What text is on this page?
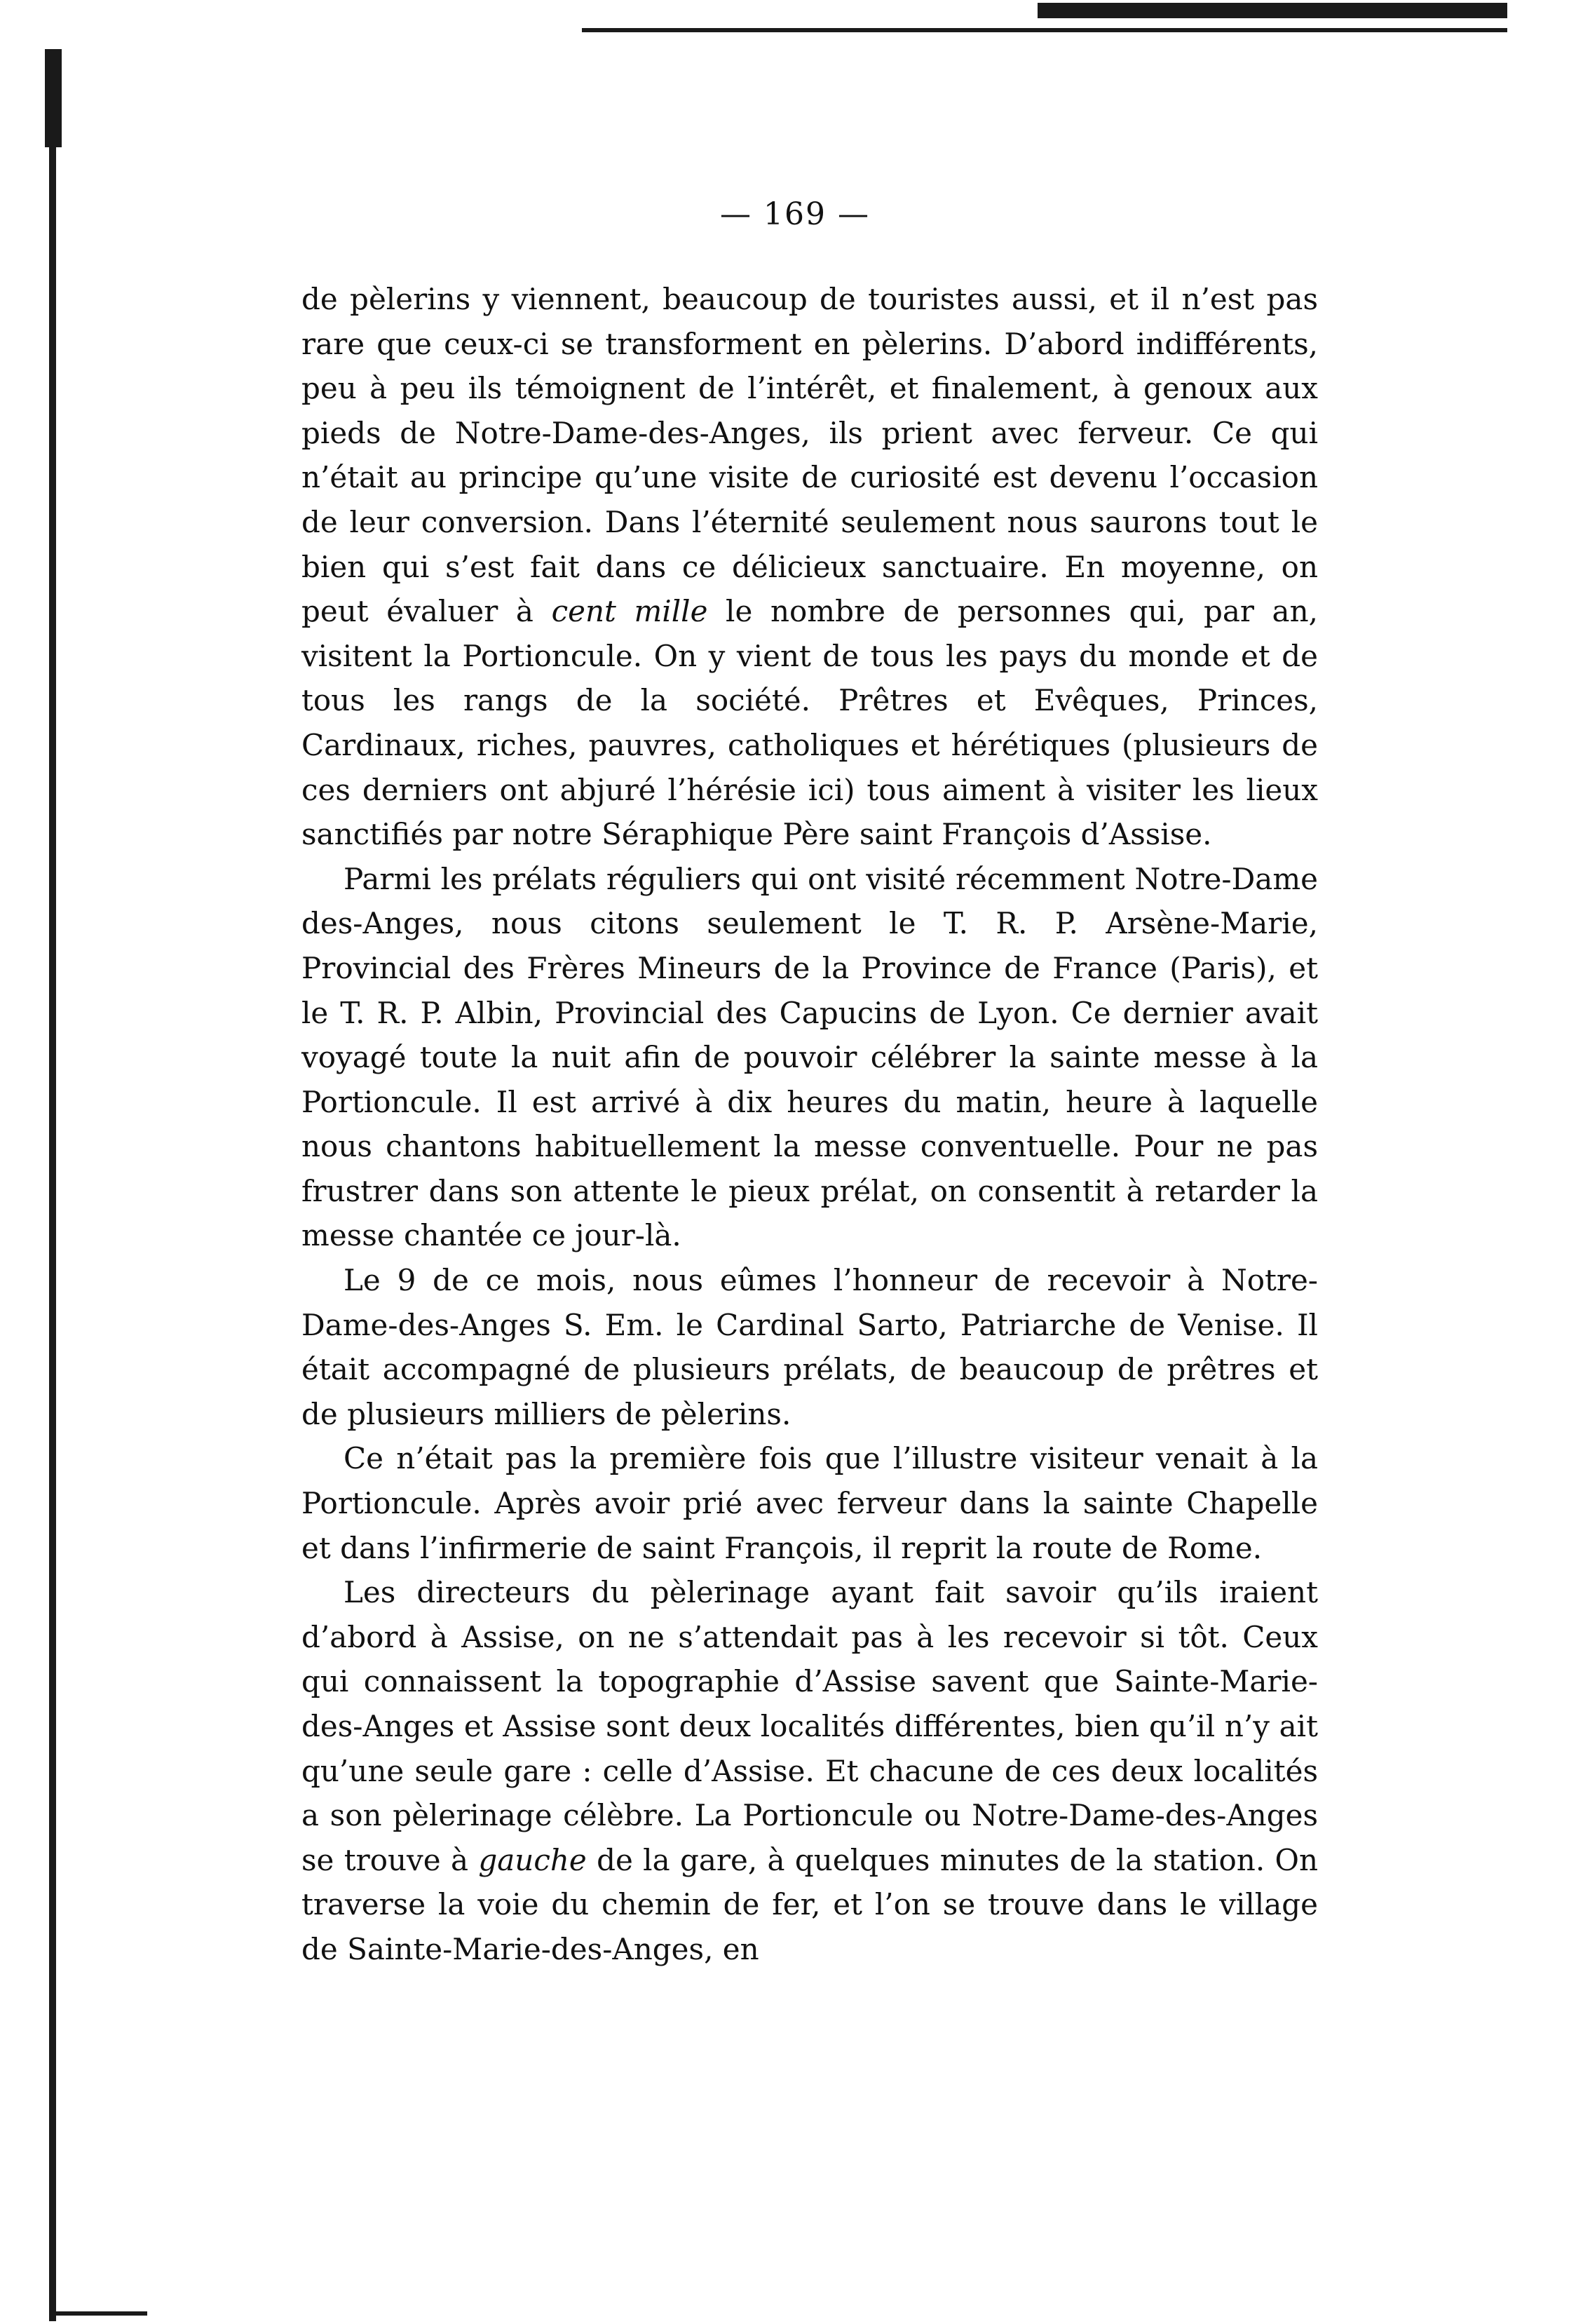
— 169 —

de pèlerins y viennent, beaucoup de touristes aussi, et il n’est pas rare que ceux-ci se transforment en pèlerins. D’abord indifférents, peu à peu ils témoignent de l’intérêt, et finalement, à genoux aux pieds de Notre-Dame-des-Anges, ils prient avec ferveur. Ce qui n’était au principe qu’une visite de curiosité est devenu l’occasion de leur conversion. Dans l’éternité seulement nous saurons tout le bien qui s’est fait dans ce délicieux sanctuaire. En moyenne, on peut évaluer à cent mille le nombre de personnes qui, par an, visitent la Portioncule. On y vient de tous les pays du monde et de tous les rangs de la société. Prêtres et Evêques, Princes, Cardinaux, riches, pauvres, catholiques et hérétiques (plusieurs de ces derniers ont abjuré l’hérésie ici) tous aiment à visiter les lieux sanctifiés par notre Séraphique Père saint François d’Assise.

Parmi les prélats réguliers qui ont visité récemment Notre-Dame des-Anges, nous citons seulement le T. R. P. Arsène-Marie, Provincial des Frères Mineurs de la Province de France (Paris), et le T. R. P. Albin, Provincial des Capucins de Lyon. Ce dernier avait voyagé toute la nuit afin de pouvoir célébrer la sainte messe à la Portioncule. Il est arrivé à dix heures du matin, heure à laquelle nous chantons habituellement la messe conventuelle. Pour ne pas frustrer dans son attente le pieux prélat, on consentit à retarder la messe chantée ce jour-là.

Le 9 de ce mois, nous eûmes l’honneur de recevoir à Notre-Dame-des-Anges S. Em. le Cardinal Sarto, Patriarche de Venise. Il était accompagné de plusieurs prélats, de beaucoup de prêtres et de plusieurs milliers de pèlerins.

Ce n’était pas la première fois que l’illustre visiteur venait à la Portioncule. Après avoir prié avec ferveur dans la sainte Chapelle et dans l’infirmerie de saint François, il reprit la route de Rome.

Les directeurs du pèlerinage ayant fait savoir qu’ils iraient d’abord à Assise, on ne s’attendait pas à les recevoir si tôt. Ceux qui connaissent la topographie d’Assise savent que Sainte-Marie-des-Anges et Assise sont deux localités différentes, bien qu’il n’y ait qu’une seule gare : celle d’Assise. Et chacune de ces deux localités a son pèlerinage célèbre. La Portioncule ou Notre-Dame-des-Anges se trouve à gauche de la gare, à quelques minutes de la station. On traverse la voie du chemin de fer, et l’on se trouve dans le village de Sainte-Marie-des-Anges, en
